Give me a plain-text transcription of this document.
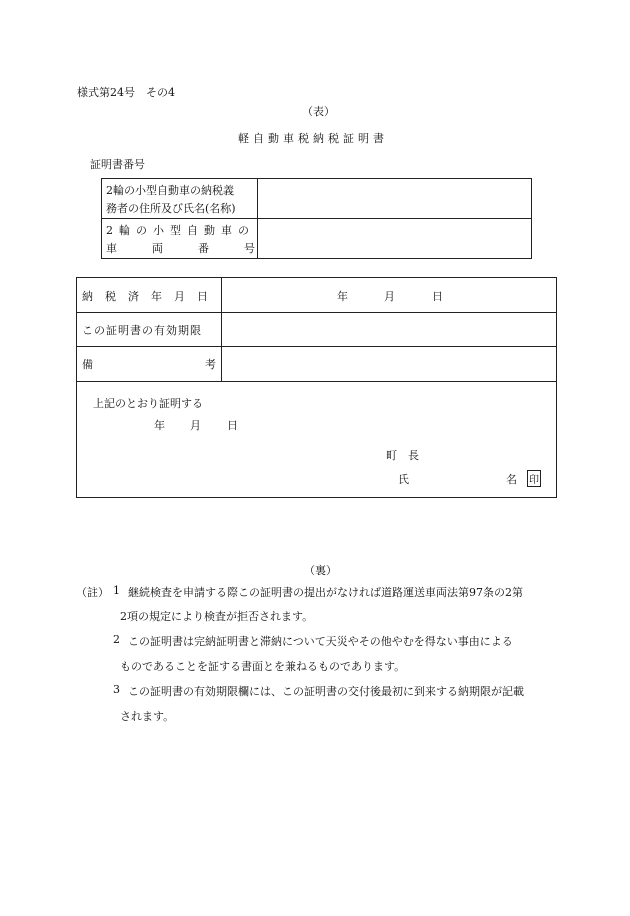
様式第24号　その4
（表）
軽自動車税納税証明書
証明書番号
2輪の小型自動車の納税義
務者の住所及び氏名(名称)
2輪の小型自動車の
車両番号
納税済年月日	年	月	日
この証明書の有効期限
備考
上記のとおり証明する
年 月 日
町　長
氏	名 印
（裏）
（註） 1 継続検査を申請する際この証明書の提出がなければ道路運送車両法第97条の2第
2項の規定により検査が拒否されます。
2 この証明書は完納証明書と滞納について天災やその他やむを得ない事由による
ものであることを証する書面とを兼ねるものであります。
3 この証明書の有効期限欄には、この証明書の交付後最初に到来する納期限が記載
されます。
